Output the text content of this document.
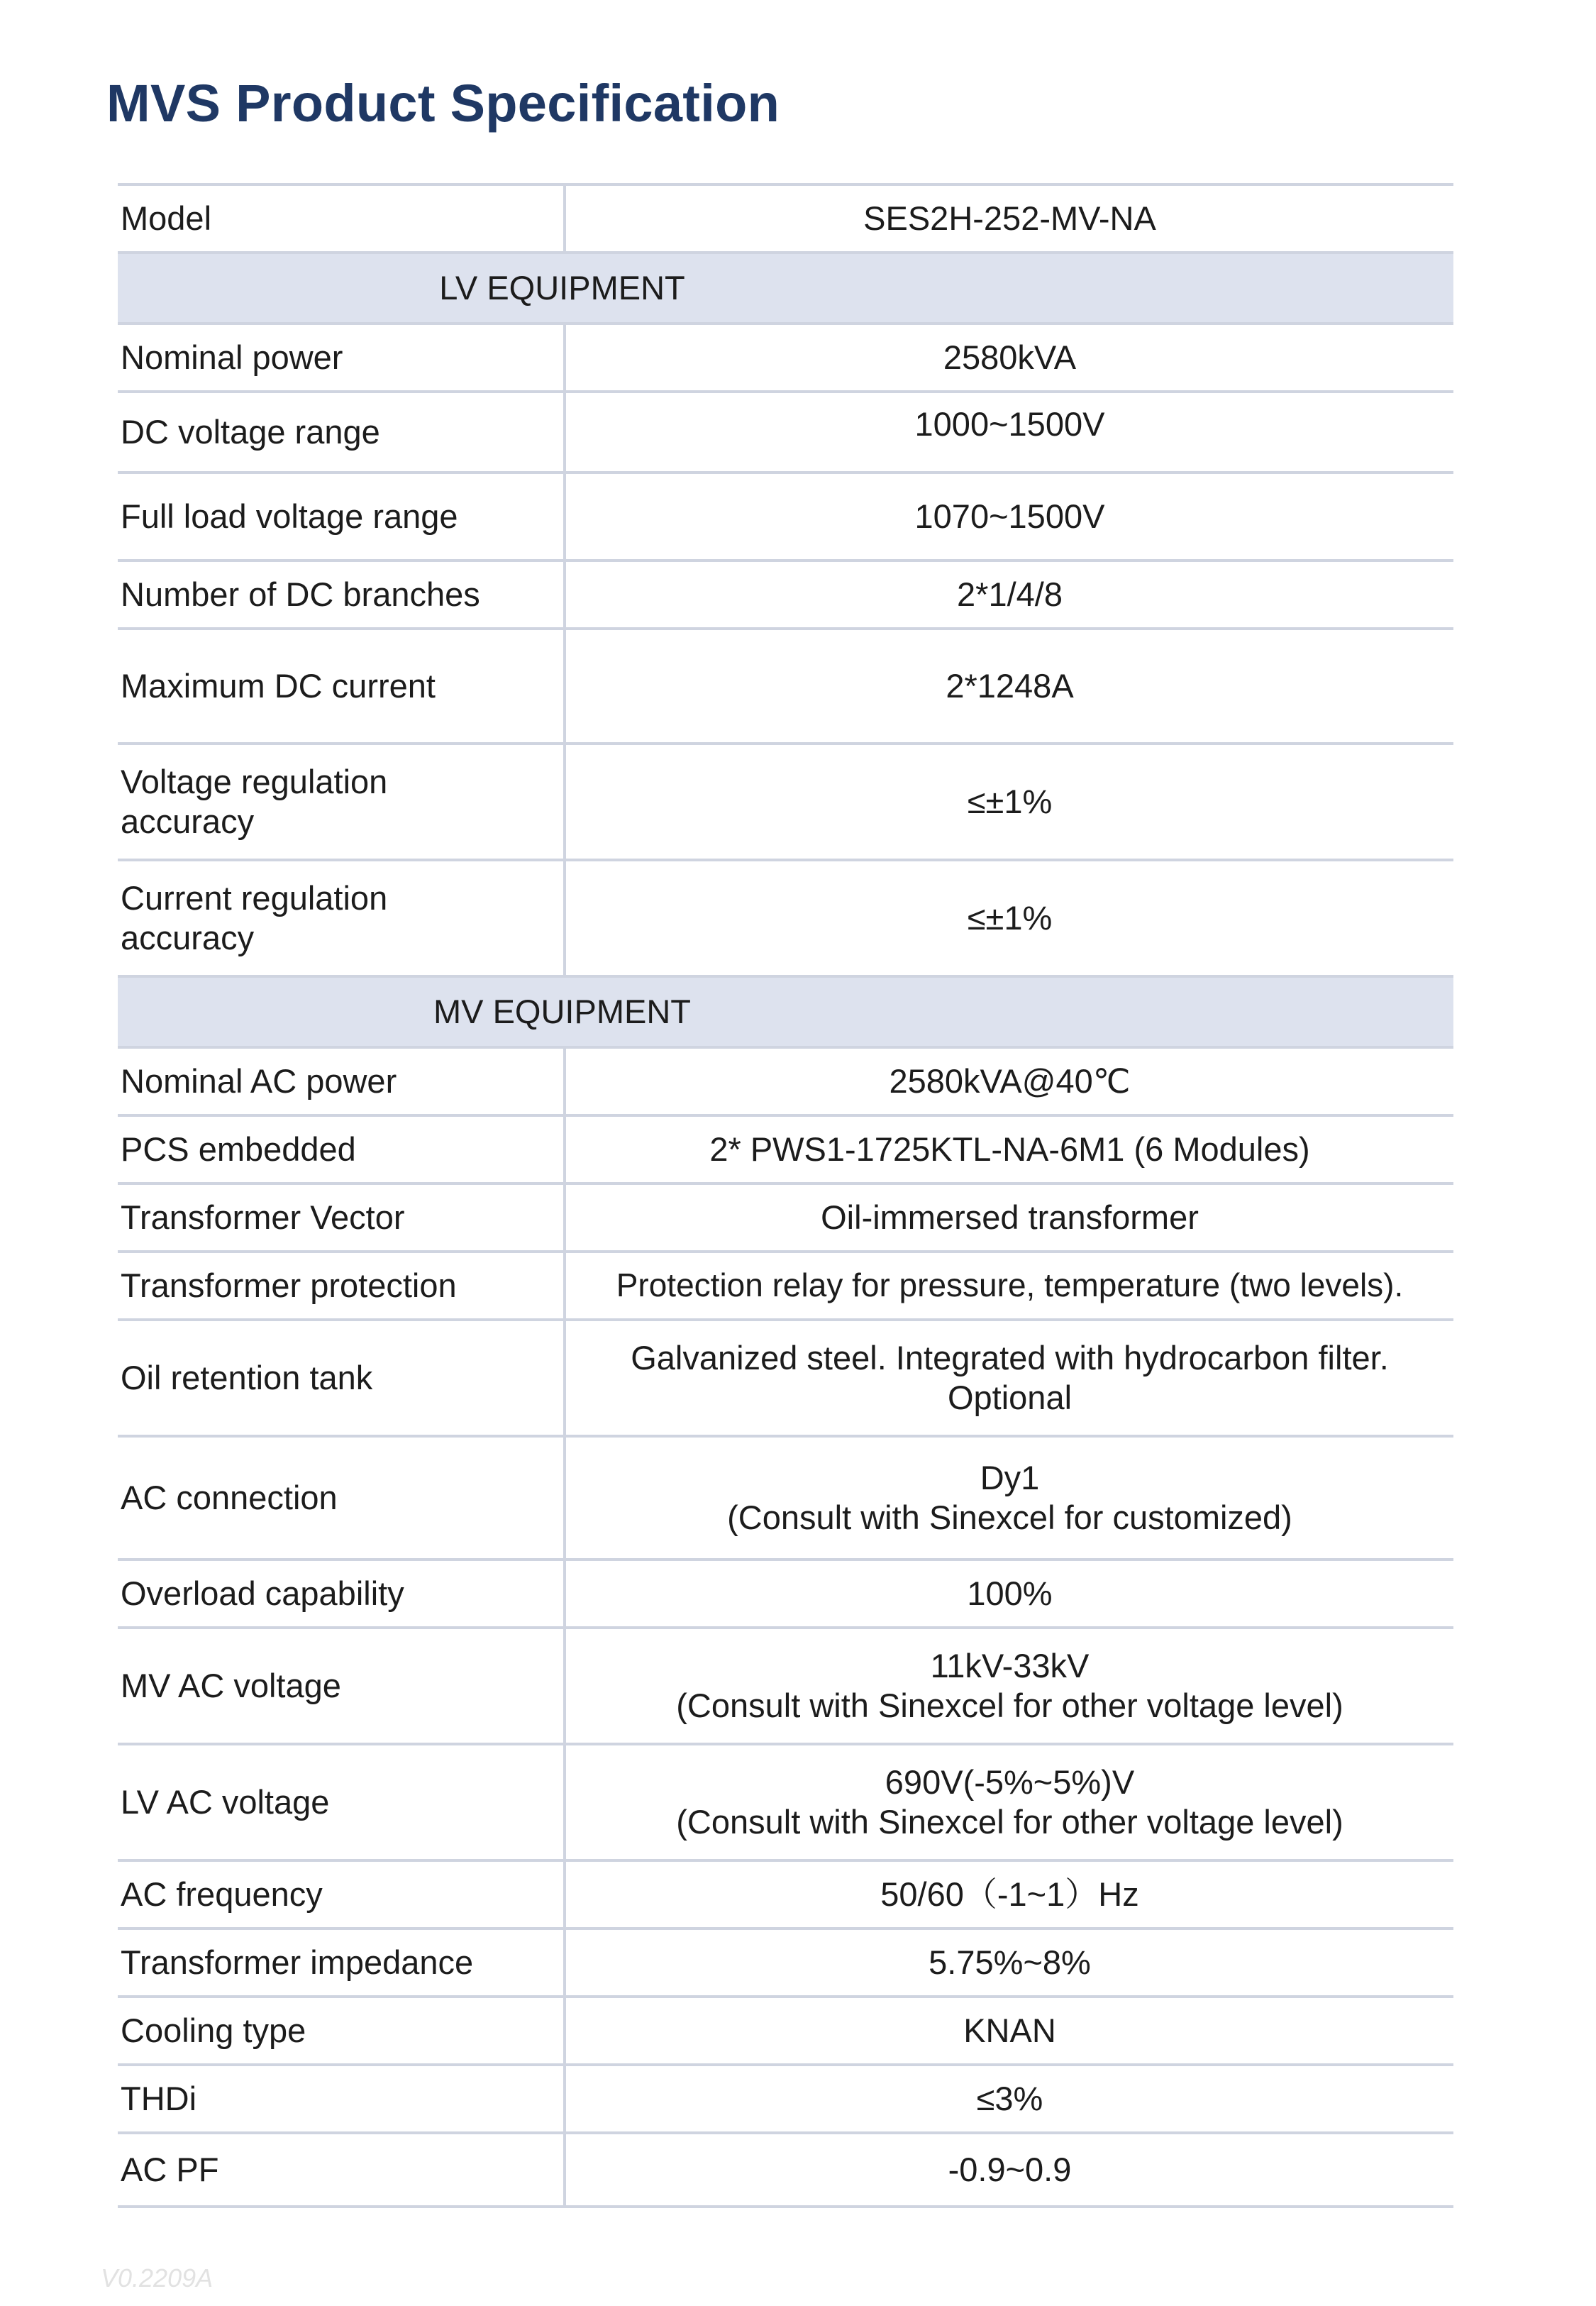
MVS Product Specification
Model	SES2H-252-MV-NA
LV EQUIPMENT	
Nominal power	2580kVA
DC voltage range	1000~1500V
Full load voltage range	1070~1500V
Number of DC branches	2*1/4/8
Maximum DC current	2*1248A
Voltage regulation
accuracy	≤±1%
Current regulation
accuracy	≤±1%
MV EQUIPMENT	
Nominal AC power	2580kVA@40℃
PCS embedded	2* PWS1-1725KTL-NA-6M1 (6 Modules)
Transformer Vector	Oil-immersed transformer
Transformer protection	Protection relay for pressure, temperature (two levels).
Oil retention tank	Galvanized steel. Integrated with hydrocarbon filter.
Optional
AC connection	Dy1
(Consult with Sinexcel for customized)
Overload capability	100%
MV AC voltage	11kV-33kV
(Consult with Sinexcel for other voltage level)
LV AC voltage	690V(-5%~5%)V
(Consult with Sinexcel for other voltage level)
AC frequency	50/60（-1~1）Hz
Transformer impedance	5.75%~8%
Cooling type	KNAN
THDi	≤3%
AC PF	-0.9~0.9
V0.2209A
